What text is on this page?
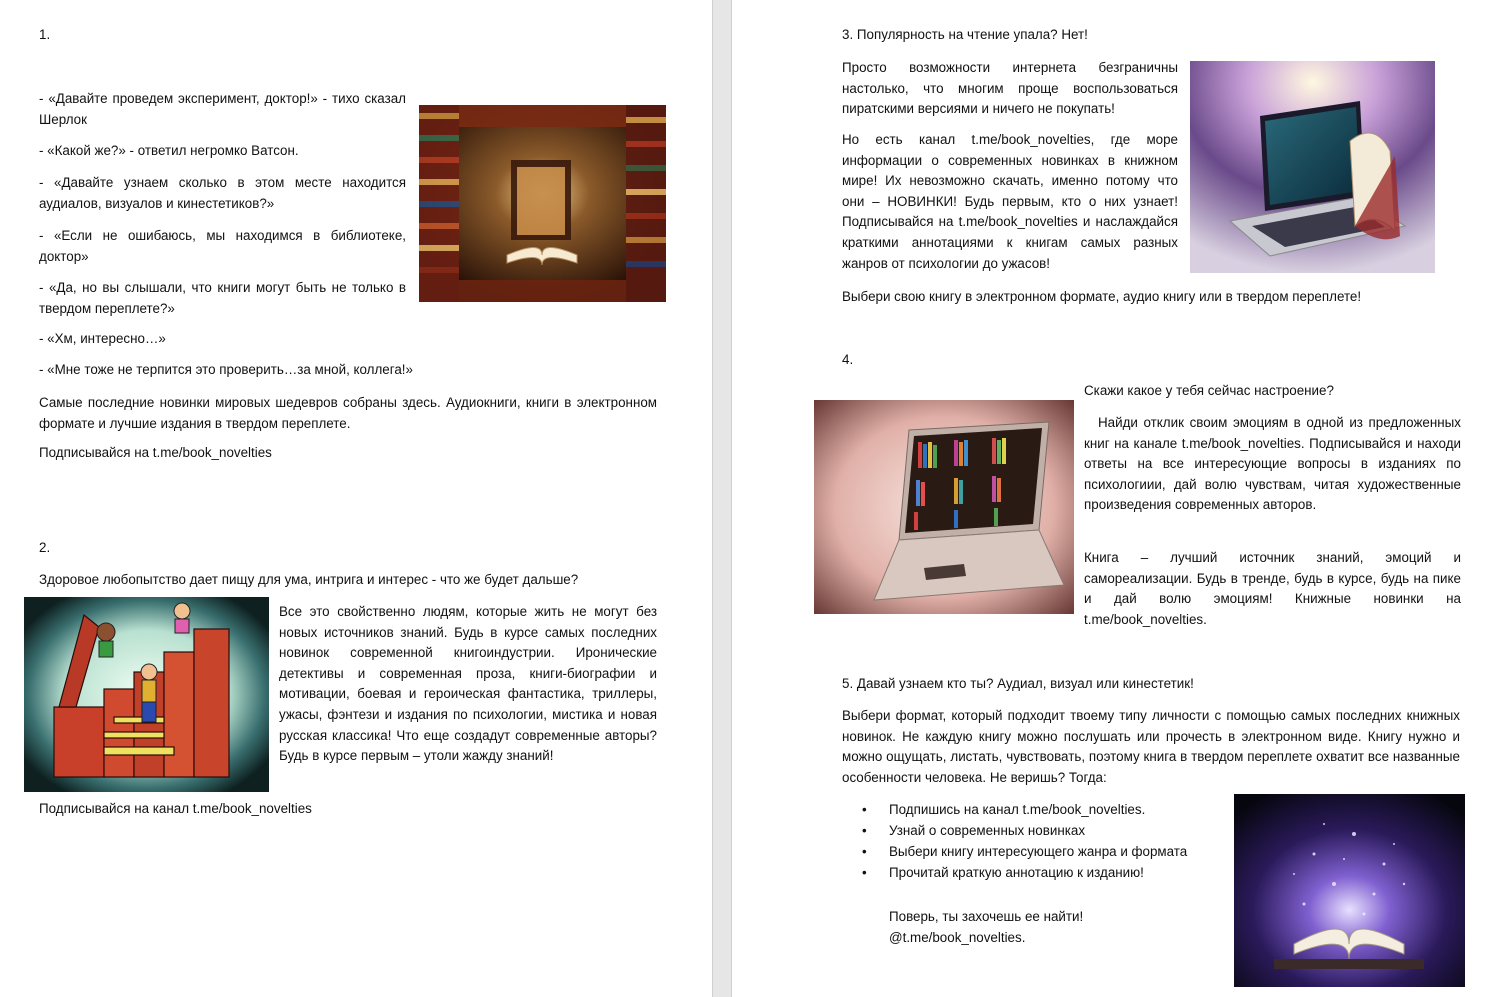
1.
- «Давайте проведем эксперимент, доктор!» - тихо сказал Шерлок
- «Какой же?» - ответил негромко Ватсон.
- «Давайте узнаем сколько в этом месте находится аудиалов, визуалов и кинестетиков?»
- «Если не ошибаюсь, мы находимся в библиотеке, доктор»
- «Да, но вы слышали, что книги могут быть не только в твердом переплете?»
- «Хм, интересно…»
- «Мне тоже не терпится это проверить…за мной, коллега!»
Самые последние новинки мировых шедевров собраны здесь. Аудиокниги, книги в электронном формате и лучшие издания в твердом переплете.
Подписывайся на t.me/book_novelties
2.
Здоровое любопытство дает пищу для ума, интрига и интерес - что же будет дальше?
Все это свойственно людям, которые жить не могут без новых источников знаний. Будь в курсе самых последних новинок современной книгоиндустрии. Иронические детективы и современная проза, книги-биографии и мотивации, боевая и героическая фантастика, триллеры, ужасы, фэнтези и издания по психологии, мистика и новая русская классика! Что еще создадут современные авторы? Будь в курсе первым – утоли жажду знаний!
Подписывайся на канал t.me/book_novelties
3. Популярность на чтение упала? Нет!
Просто возможности интернета безграничны настолько, что многим проще воспользоваться пиратскими версиями и ничего не покупать!
Но есть канал t.me/book_novelties, где море информации о современных новинках в книжном мире! Их невозможно скачать, именно потому что они – НОВИНКИ! Будь первым, кто о них узнает! Подписывайся на t.me/book_novelties и наслаждайся краткими аннотациями к книгам самых разных жанров от психологии до ужасов!
Выбери свою книгу в электронном формате, аудио книгу или в твердом переплете!
4.
Скажи какое у тебя сейчас настроение?
Найди отклик своим эмоциям в одной из предложенных книг на канале t.me/book_novelties. Подписывайся и находи ответы на все интересующие вопросы в изданиях по психологиии, дай волю чувствам, читая художественные произведения современных авторов.
Книга – лучший источник знаний, эмоций и самореализации. Будь в тренде, будь в курсе, будь на пике и дай волю эмоциям! Книжные новинки на t.me/book_novelties.
5. Давай узнаем кто ты? Аудиал, визуал или кинестетик!
Выбери формат, который подходит твоему типу личности с помощью самых последних книжных новинок. Не каждую книгу можно послушать или прочесть в электронном виде. Книгу нужно и можно ощущать, листать, чувствовать, поэтому книга в твердом переплете охватит все названные особенности человека. Не веришь? Тогда:
• Подпишись на канал t.me/book_novelties.
• Узнай о современных новинках
• Выбери книгу интересующего жанра и формата
• Прочитай краткую аннотацию к изданию!
Поверь, ты захочешь ее найти!
@t.me/book_novelties.
